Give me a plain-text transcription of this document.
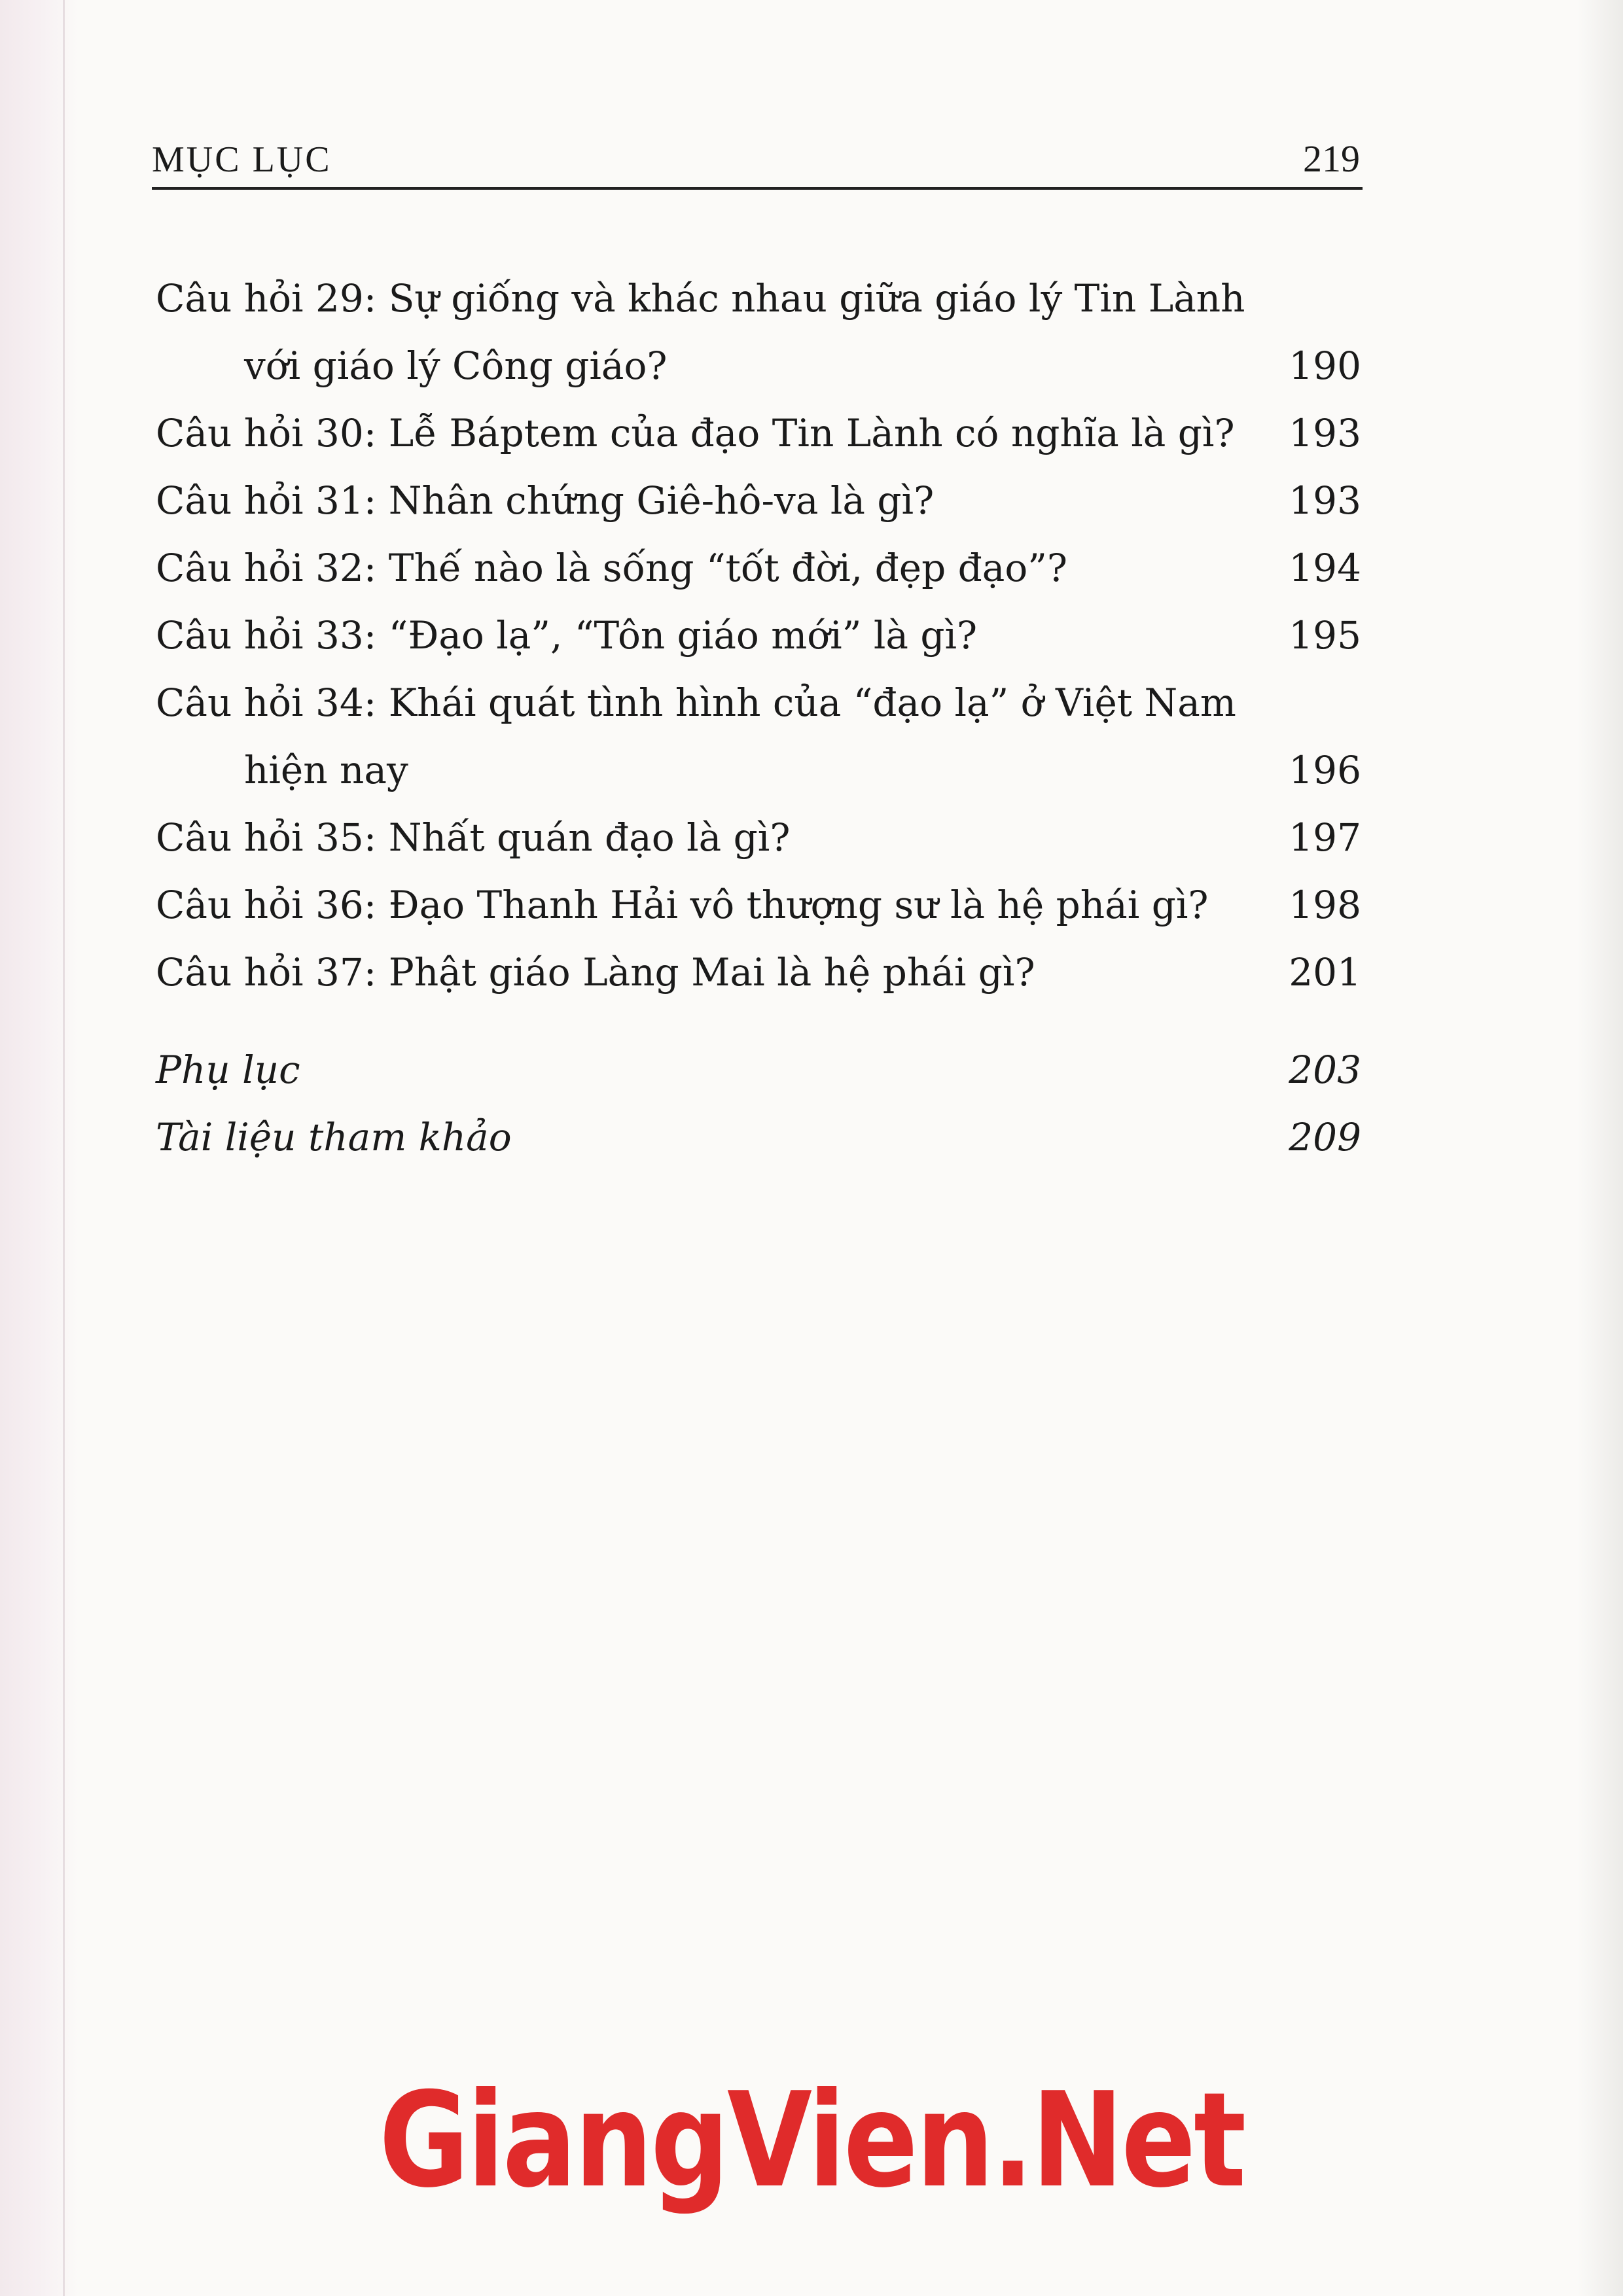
MỤC LỤC	219
Câu hỏi 29: Sự giống và khác nhau giữa giáo lý Tin Lành
với giáo lý Công giáo?	190
Câu hỏi 30: Lễ Báptem của đạo Tin Lành có nghĩa là gì?	193
Câu hỏi 31: Nhân chứng Giê-hô-va là gì?	193
Câu hỏi 32: Thế nào là sống “tốt đời, đẹp đạo”?	194
Câu hỏi 33: “Đạo lạ”, “Tôn giáo mới” là gì?	195
Câu hỏi 34: Khái quát tình hình của “đạo lạ” ở Việt Nam
hiện nay	196
Câu hỏi 35: Nhất quán đạo là gì?	197
Câu hỏi 36: Đạo Thanh Hải vô thượng sư là hệ phái gì?	198
Câu hỏi 37: Phật giáo Làng Mai là hệ phái gì?	201
Phụ lục	203
Tài liệu tham khảo	209
GiangVien.Net
